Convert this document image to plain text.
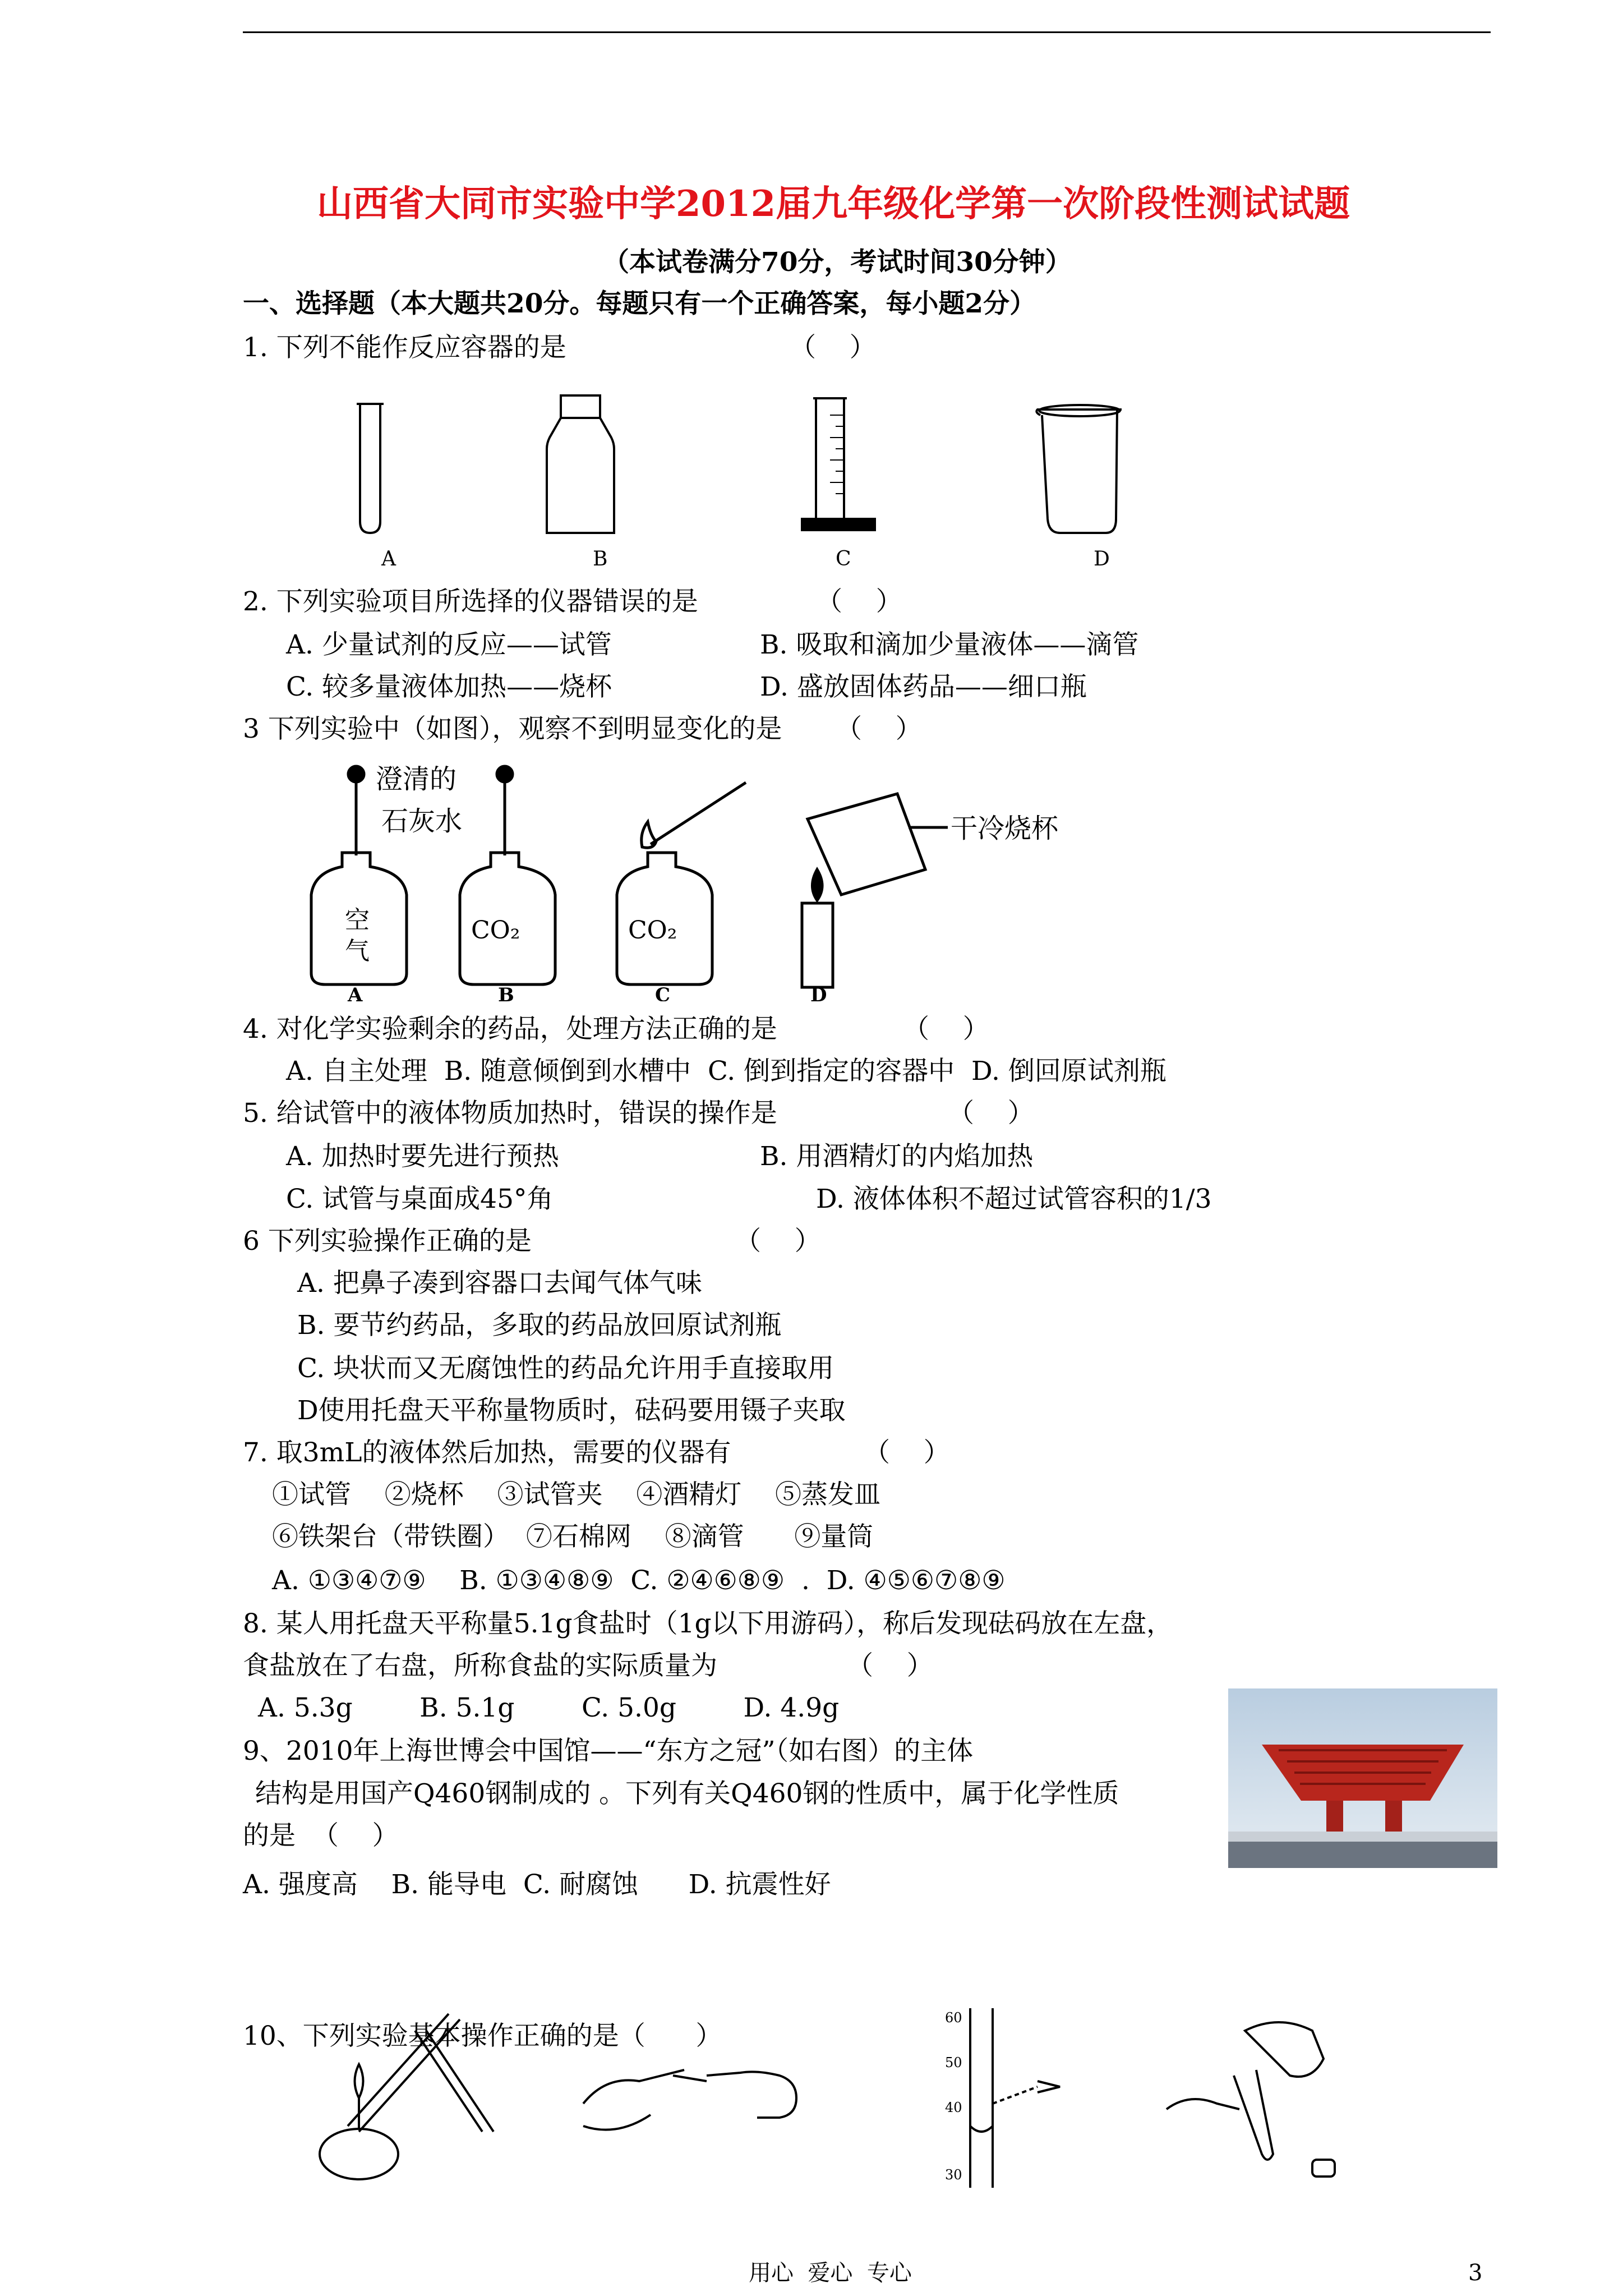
山西省大同市实验中学2012届九年级化学第一次阶段性测试试题
（本试卷满分70分，考试时间30分钟）
一、选择题（本大题共20分。每题只有一个正确答案，每小题2分）
1. 下列不能作反应容器的是	（    ）
A	B	C	D
2. 下列实验项目所选择的仪器错误的是	（    ）
A. 少量试剂的反应——试管	B. 吸取和滴加少量液体——滴管
C. 较多量液体加热——烧杯	D. 盛放固体药品——细口瓶
3 下列实验中（如图），观察不到明显变化的是 （    ）
澄清的
石灰水	干冷烧杯
空
气
CO₂	CO₂
A	B	C	D
4. 对化学实验剩余的药品，处理方法正确的是	（    ）
A. 自主处理  B. 随意倾倒到水槽中  C. 倒到指定的容器中  D. 倒回原试剂瓶
5. 给试管中的液体物质加热时，错误的操作是	（    ）
A. 加热时要先进行预热	B. 用酒精灯的内焰加热
C. 试管与桌面成45°角	D. 液体体积不超过试管容积的1/3
6 下列实验操作正确的是	（    ）
A. 把鼻子凑到容器口去闻气体气味
B. 要节约药品，多取的药品放回原试剂瓶
C. 块状而又无腐蚀性的药品允许用手直接取用
D使用托盘天平称量物质时，砝码要用镊子夹取
7. 取3mL的液体然后加热，需要的仪器有	（    ）
①试管    ②烧杯    ③试管夹    ④酒精灯    ⑤蒸发皿
⑥铁架台（带铁圈）  ⑦石棉网    ⑧滴管      ⑨量筒
A. ①③④⑦⑨    B. ①③④⑧⑨  C. ②④⑥⑧⑨  .  D. ④⑤⑥⑦⑧⑨
8. 某人用托盘天平称量5.1g食盐时（1g以下用游码），称后发现砝码放在左盘，
食盐放在了右盘，所称食盐的实际质量为	（    ）
A. 5.3g        B. 5.1g        C. 5.0g        D. 4.9g
9、2010年上海世博会中国馆——“东方之冠”（如右图）的主体
结构是用国产Q460钢制成的 。下列有关Q460钢的性质中，属于化学性质
的是  （    ）
A. 强度高    B. 能导电  C. 耐腐蚀      D. 抗震性好
10、下列实验基本操作正确的是（      ）
60
50
40
30
用心  爱心  专心	3
